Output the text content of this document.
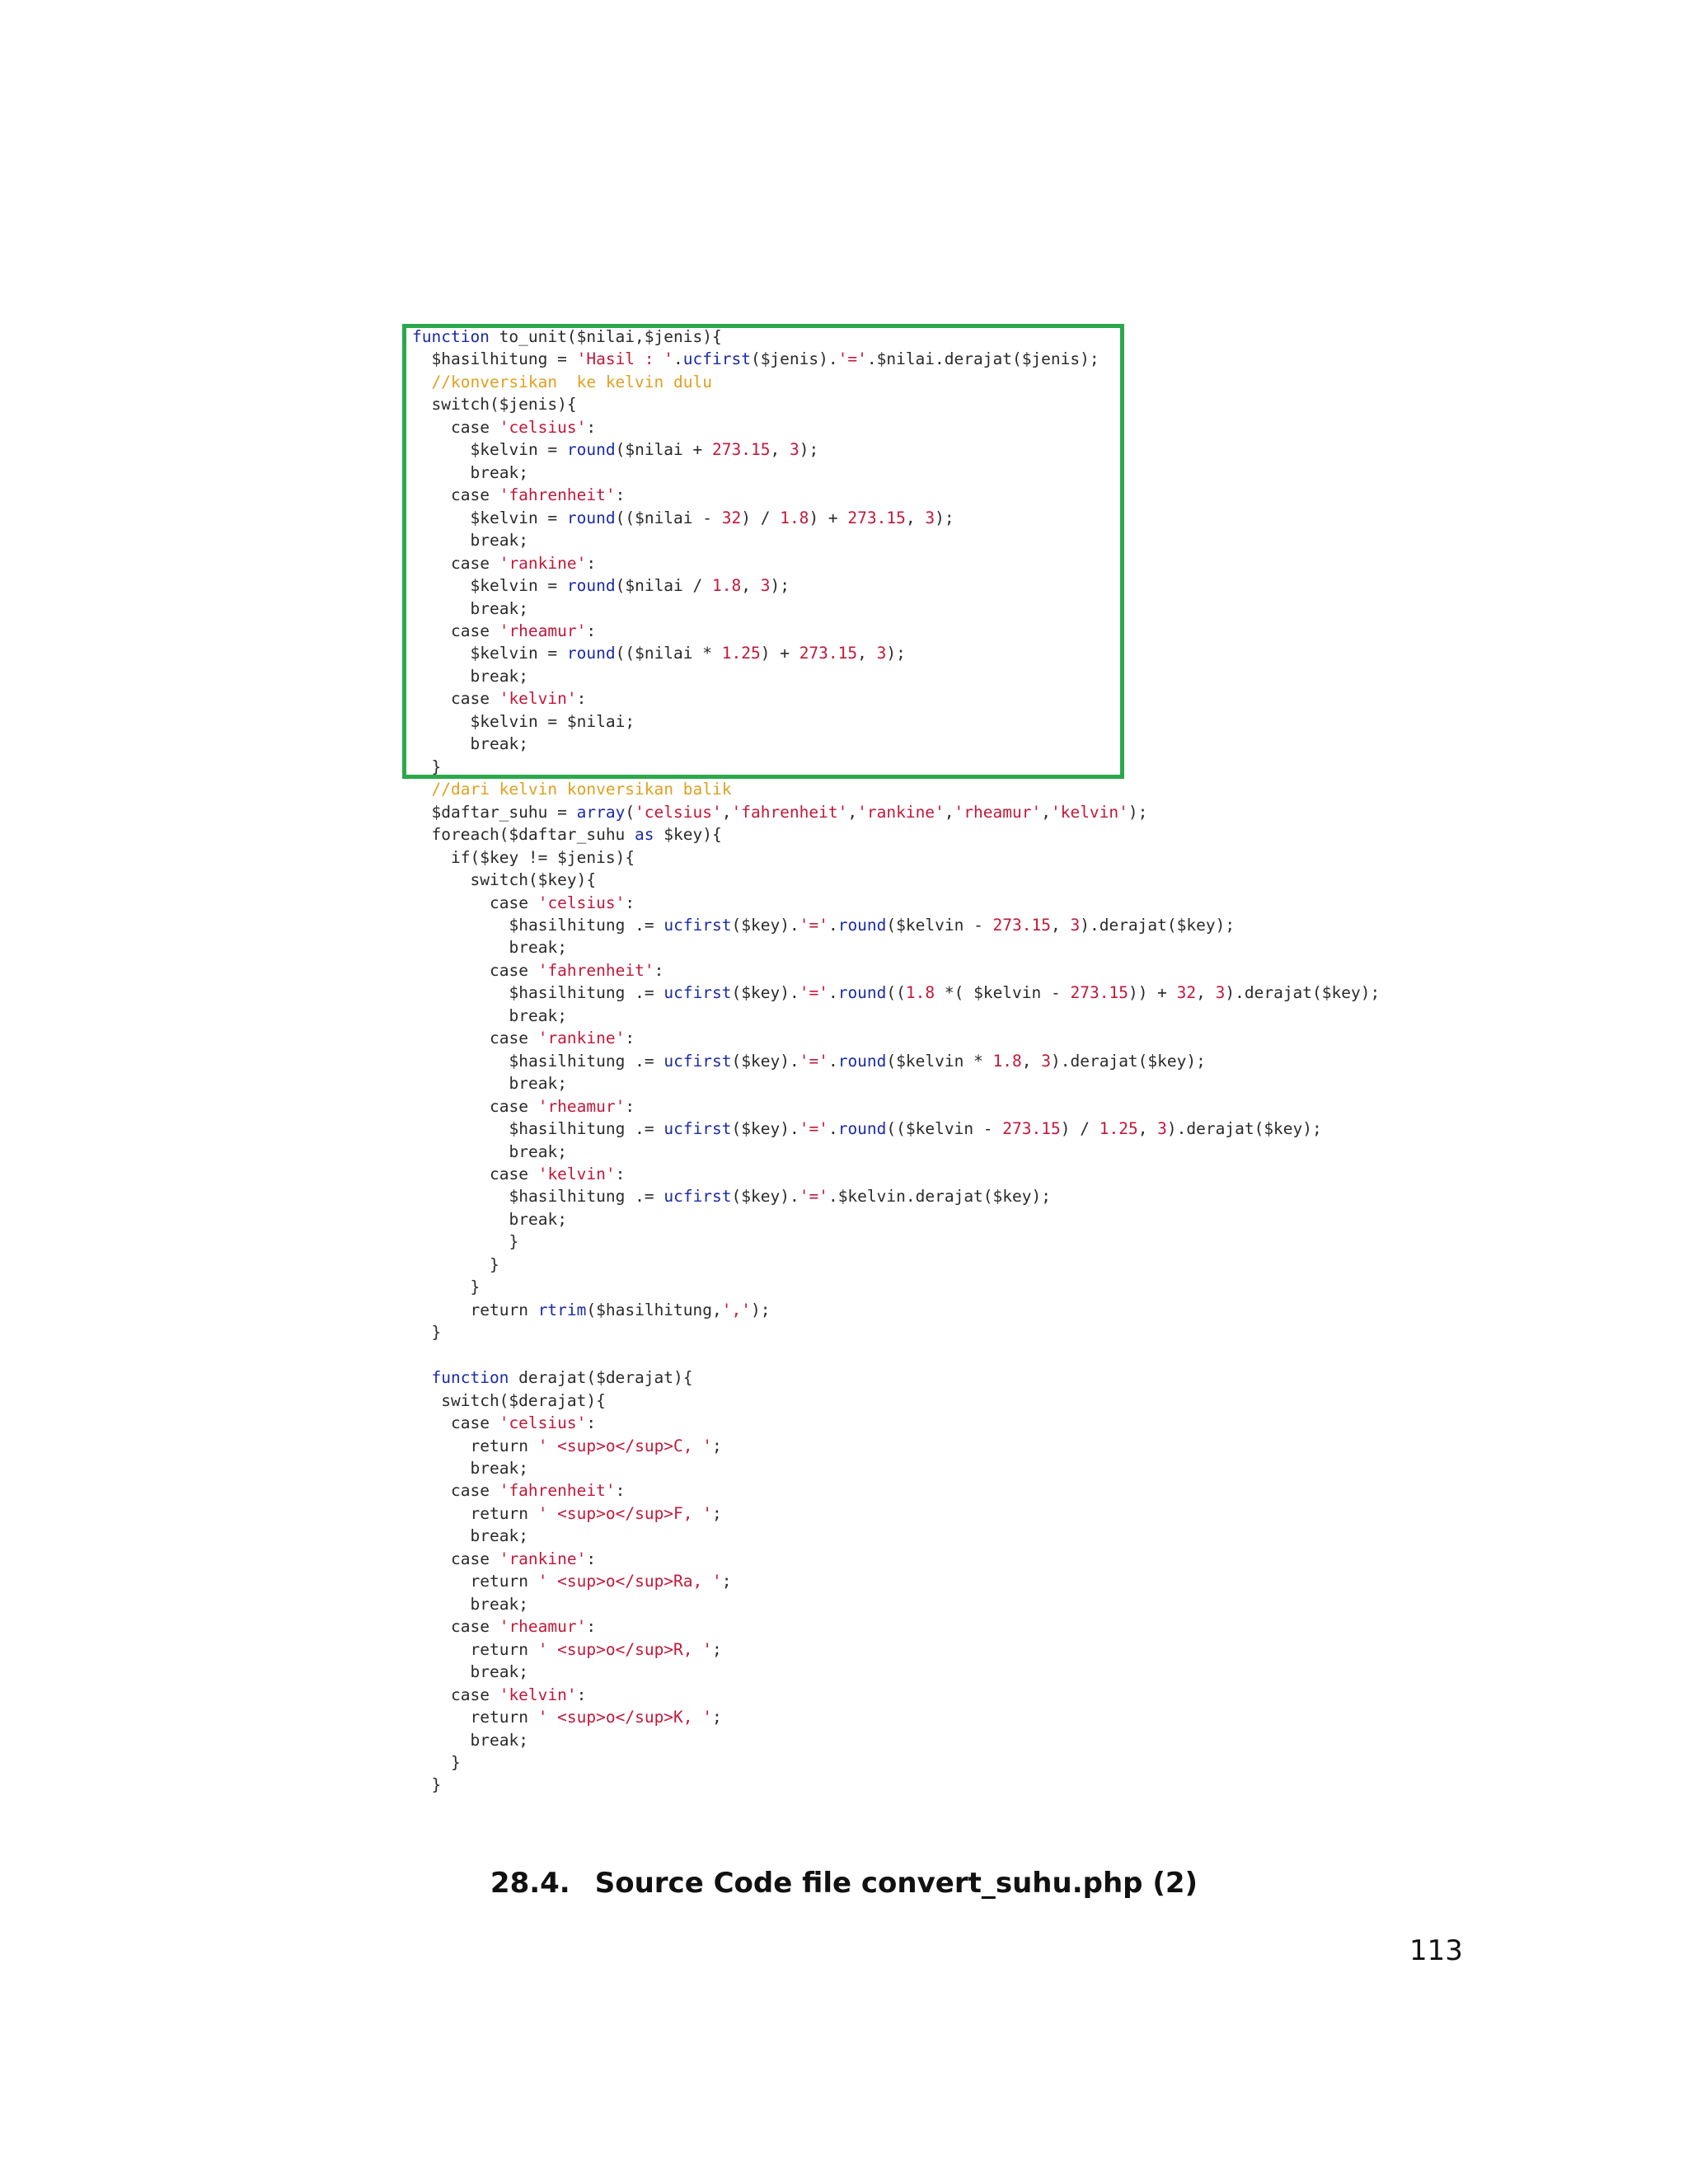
function to_unit($nilai,$jenis){
$hasilhitung = 'Hasil : '.ucfirst($jenis).'='.$nilai.derajat($jenis);
//konversikan  ke kelvin dulu
switch($jenis){
case 'celsius':
$kelvin = round($nilai + 273.15, 3);
break;
case 'fahrenheit':
$kelvin = round(($nilai - 32) / 1.8) + 273.15, 3);
break;
case 'rankine':
$kelvin = round($nilai / 1.8, 3);
break;
case 'rheamur':
$kelvin = round(($nilai * 1.25) + 273.15, 3);
break;
case 'kelvin':
$kelvin = $nilai;
break;
}
//dari kelvin konversikan balik
$daftar_suhu = array('celsius','fahrenheit','rankine','rheamur','kelvin');
foreach($daftar_suhu as $key){
if($key != $jenis){
switch($key){
case 'celsius':
$hasilhitung .= ucfirst($key).'='.round($kelvin - 273.15, 3).derajat($key);
break;
case 'fahrenheit':
$hasilhitung .= ucfirst($key).'='.round((1.8 *( $kelvin - 273.15)) + 32, 3).derajat($key);
break;
case 'rankine':
$hasilhitung .= ucfirst($key).'='.round($kelvin * 1.8, 3).derajat($key);
break;
case 'rheamur':
$hasilhitung .= ucfirst($key).'='.round(($kelvin - 273.15) / 1.25, 3).derajat($key);
break;
case 'kelvin':
$hasilhitung .= ucfirst($key).'='.$kelvin.derajat($key);
break;
}
}
}
return rtrim($hasilhitung,',');
}
function derajat($derajat){
switch($derajat){
case 'celsius':
return ' <sup>o</sup>C, ';
break;
case 'fahrenheit':
return ' <sup>o</sup>F, ';
break;
case 'rankine':
return ' <sup>o</sup>Ra, ';
break;
case 'rheamur':
return ' <sup>o</sup>R, ';
break;
case 'kelvin':
return ' <sup>o</sup>K, ';
break;
}
}
28.4. Source Code file convert_suhu.php (2)
113
